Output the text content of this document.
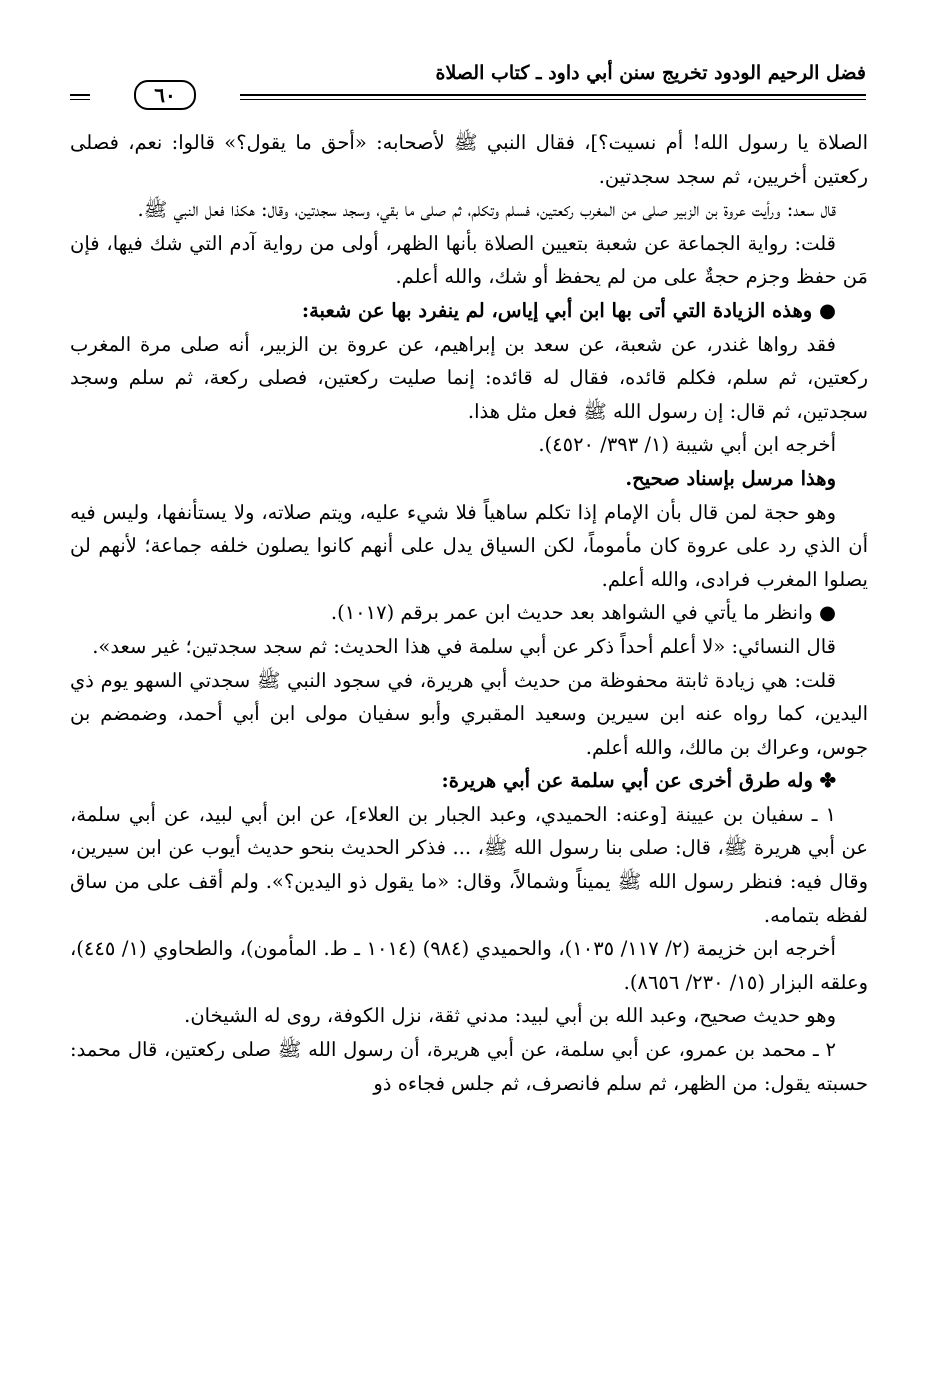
فضل الرحيم الودود تخريج سنن أبي داود ـ كتاب الصلاة
٦٠

الصلاة يا رسول الله! أم نسيت؟]، فقال النبي ﷺ لأصحابه: «أحق ما يقول؟» قالوا: نعم، فصلى ركعتين أخريين، ثم سجد سجدتين.

قال سعد: ورأيت عروة بن الزبير صلى من المغرب ركعتين، فسلم وتكلم، ثم صلى ما بقي، وسجد سجدتين، وقال: هكذا فعل النبي ﷺ.

قلت: رواية الجماعة عن شعبة بتعيين الصلاة بأنها الظهر، أولى من رواية آدم التي شك فيها، فإن مَن حفظ وجزم حجةٌ على من لم يحفظ أو شك، والله أعلم.

● وهذه الزيادة التي أتى بها ابن أبي إياس، لم ينفرد بها عن شعبة:

فقد رواها غندر، عن شعبة، عن سعد بن إبراهيم، عن عروة بن الزبير، أنه صلى مرة المغرب ركعتين، ثم سلم، فكلم قائده، فقال له قائده: إنما صليت ركعتين، فصلى ركعة، ثم سلم وسجد سجدتين، ثم قال: إن رسول الله ﷺ فعل مثل هذا.

أخرجه ابن أبي شيبة (١/ ٣٩٣/ ٤٥٢٠).

وهذا مرسل بإسناد صحيح.

وهو حجة لمن قال بأن الإمام إذا تكلم ساهياً فلا شيء عليه، ويتم صلاته، ولا يستأنفها، وليس فيه أن الذي رد على عروة كان مأموماً، لكن السياق يدل على أنهم كانوا يصلون خلفه جماعة؛ لأنهم لن يصلوا المغرب فرادى، والله أعلم.

● وانظر ما يأتي في الشواهد بعد حديث ابن عمر برقم (١٠١٧).

قال النسائي: «لا أعلم أحداً ذكر عن أبي سلمة في هذا الحديث: ثم سجد سجدتين؛ غير سعد».

قلت: هي زيادة ثابتة محفوظة من حديث أبي هريرة، في سجود النبي ﷺ سجدتي السهو يوم ذي اليدين، كما رواه عنه ابن سيرين وسعيد المقبري وأبو سفيان مولى ابن أبي أحمد، وضمضم بن جوس، وعراك بن مالك، والله أعلم.

✤ وله طرق أخرى عن أبي سلمة عن أبي هريرة:

١ ـ سفيان بن عيينة [وعنه: الحميدي، وعبد الجبار بن العلاء]، عن ابن أبي لبيد، عن أبي سلمة، عن أبي هريرة ﷺ، قال: صلى بنا رسول الله ﷺ، ... فذكر الحديث بنحو حديث أيوب عن ابن سيرين، وقال فيه: فنظر رسول الله ﷺ يميناً وشمالاً، وقال: «ما يقول ذو اليدين؟». ولم أقف على من ساق لفظه بتمامه.

أخرجه ابن خزيمة (٢/ ١١٧/ ١٠٣٥)، والحميدي (٩٨٤) (١٠١٤ ـ ط. المأمون)، والطحاوي (١/ ٤٤٥)، وعلقه البزار (١٥/ ٢٣٠/ ٨٦٥٦).

وهو حديث صحيح، وعبد الله بن أبي لبيد: مدني ثقة، نزل الكوفة، روى له الشيخان.

٢ ـ محمد بن عمرو، عن أبي سلمة، عن أبي هريرة، أن رسول الله ﷺ صلى ركعتين، قال محمد: حسبته يقول: من الظهر، ثم سلم فانصرف، ثم جلس فجاءه ذو
